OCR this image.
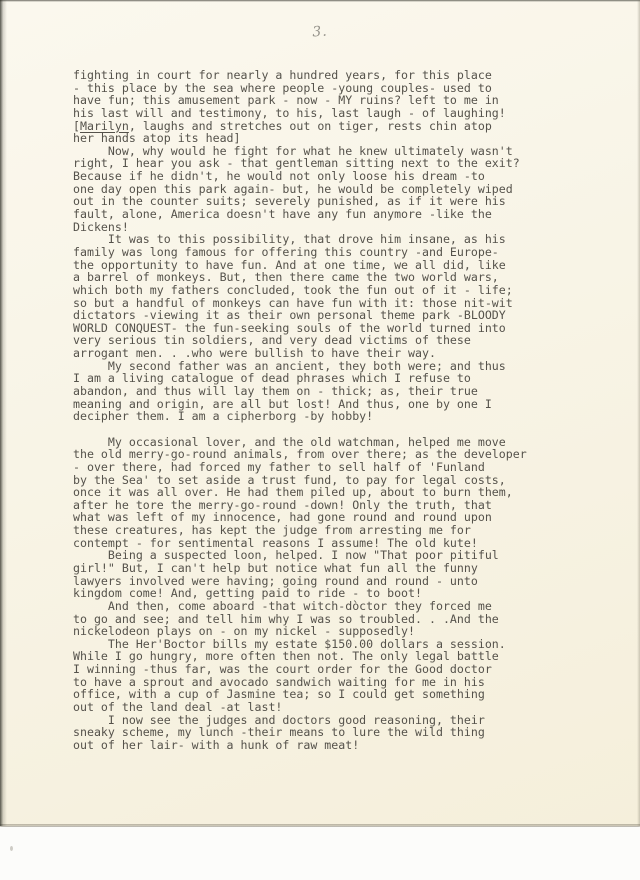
3.
fighting in court for nearly a hundred years, for this place
- this place by the sea where people -young couples- used to
have fun; this amusement park - now - MY ruins? left to me in
his last will and testimony, to his, last laugh - of laughing!
[Marilyn, laughs and stretches out on tiger, rests chin atop
her hands atop its head]
Now, why would he fight for what he knew ultimately wasn't
right, I hear you ask - that gentleman sitting next to the exit?
Because if he didn't, he would not only loose his dream -to
one day open this park again- but, he would be completely wiped
out in the counter suits; severely punished, as if it were his
fault, alone, America doesn't have any fun anymore -like the
Dickens!
It was to this possibility, that drove him insane, as his
family was long famous for offering this country -and Europe-
the opportunity to have fun. And at one time, we all did, like
a barrel of monkeys. But, then there came the two world wars,
which both my fathers concluded, took the fun out of it - life;
so but a handful of monkeys can have fun with it: those nit-wit
dictators -viewing it as their own personal theme park -BLOODY
WORLD CONQUEST- the fun-seeking souls of the world turned into
very serious tin soldiers, and very dead victims of these
arrogant men. . .who were bullish to have their way.
My second father was an ancient, they both were; and thus
I am a living catalogue of dead phrases which I refuse to
abandon, and thus will lay them on - thick; as, their true
meaning and origin, are all but lost! And thus, one by one I
decipher them. I am a cipherborg -by hobby!

My occasional lover, and the old watchman, helped me move
the old merry-go-round animals, from over there; as the developer
- over there, had forced my father to sell half of 'Funland
by the Sea' to set aside a trust fund, to pay for legal costs,
once it was all over. He had them piled up, about to burn them,
after he tore the merry-go-round -down! Only the truth, that
what was left of my innocence, had gone round and round upon
these creatures, has kept the judge from arresting me for
contempt - for sentimental reasons I assume! The old kute!
Being a suspected loon, helped. I now "That poor pitiful
girl!" But, I can't help but notice what fun all the funny
lawyers involved were having; going round and round - unto
kingdom come! And, getting paid to ride - to boot!
And then, come aboard -that witch-dòctor they forced me
to go and see; and tell him why I was so troubled. . .And the
nickelodeon plays on - on my nickel - supposedly!
The Her'Boctor bills my estate $150.00 dollars a session.
While I go hungry, more often then not. The only legal battle
I winning -thus far, was the court order for the Good doctor
to have a sprout and avocado sandwich waiting for me in his
office, with a cup of Jasmine tea; so I could get something
out of the land deal -at last!
I now see the judges and doctors good reasoning, their
sneaky scheme, my lunch -their means to lure the wild thing
out of her lair- with a hunk of raw meat!
